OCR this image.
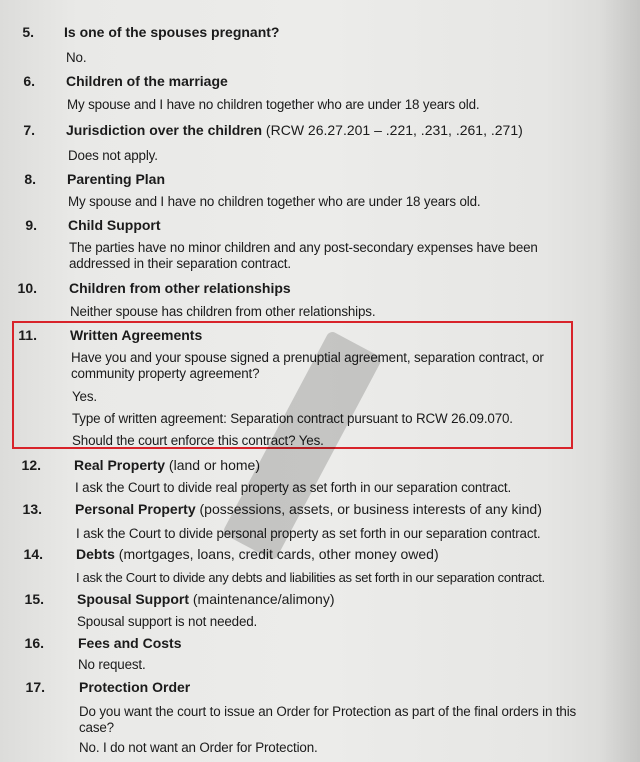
5. Is one of the spouses pregnant?
No.
6. Children of the marriage
My spouse and I have no children together who are under 18 years old.
7. Jurisdiction over the children (RCW 26.27.201 – .221, .231, .261, .271)
Does not apply.
8. Parenting Plan
My spouse and I have no children together who are under 18 years old.
9. Child Support
The parties have no minor children and any post-secondary expenses have been
addressed in their separation contract.
10. Children from other relationships
Neither spouse has children from other relationships.
11. Written Agreements
Have you and your spouse signed a prenuptial agreement, separation contract, or
community property agreement?
Yes.
Type of written agreement: Separation contract pursuant to RCW 26.09.070.
Should the court enforce this contract? Yes.
12. Real Property (land or home)
I ask the Court to divide real property as set forth in our separation contract.
13. Personal Property (possessions, assets, or business interests of any kind)
I ask the Court to divide personal property as set forth in our separation contract.
14. Debts (mortgages, loans, credit cards, other money owed)
I ask the Court to divide any debts and liabilities as set forth in our separation contract.
15. Spousal Support (maintenance/alimony)
Spousal support is not needed.
16. Fees and Costs
No request.
17. Protection Order
Do you want the court to issue an Order for Protection as part of the final orders in this
case?
No. I do not want an Order for Protection.
